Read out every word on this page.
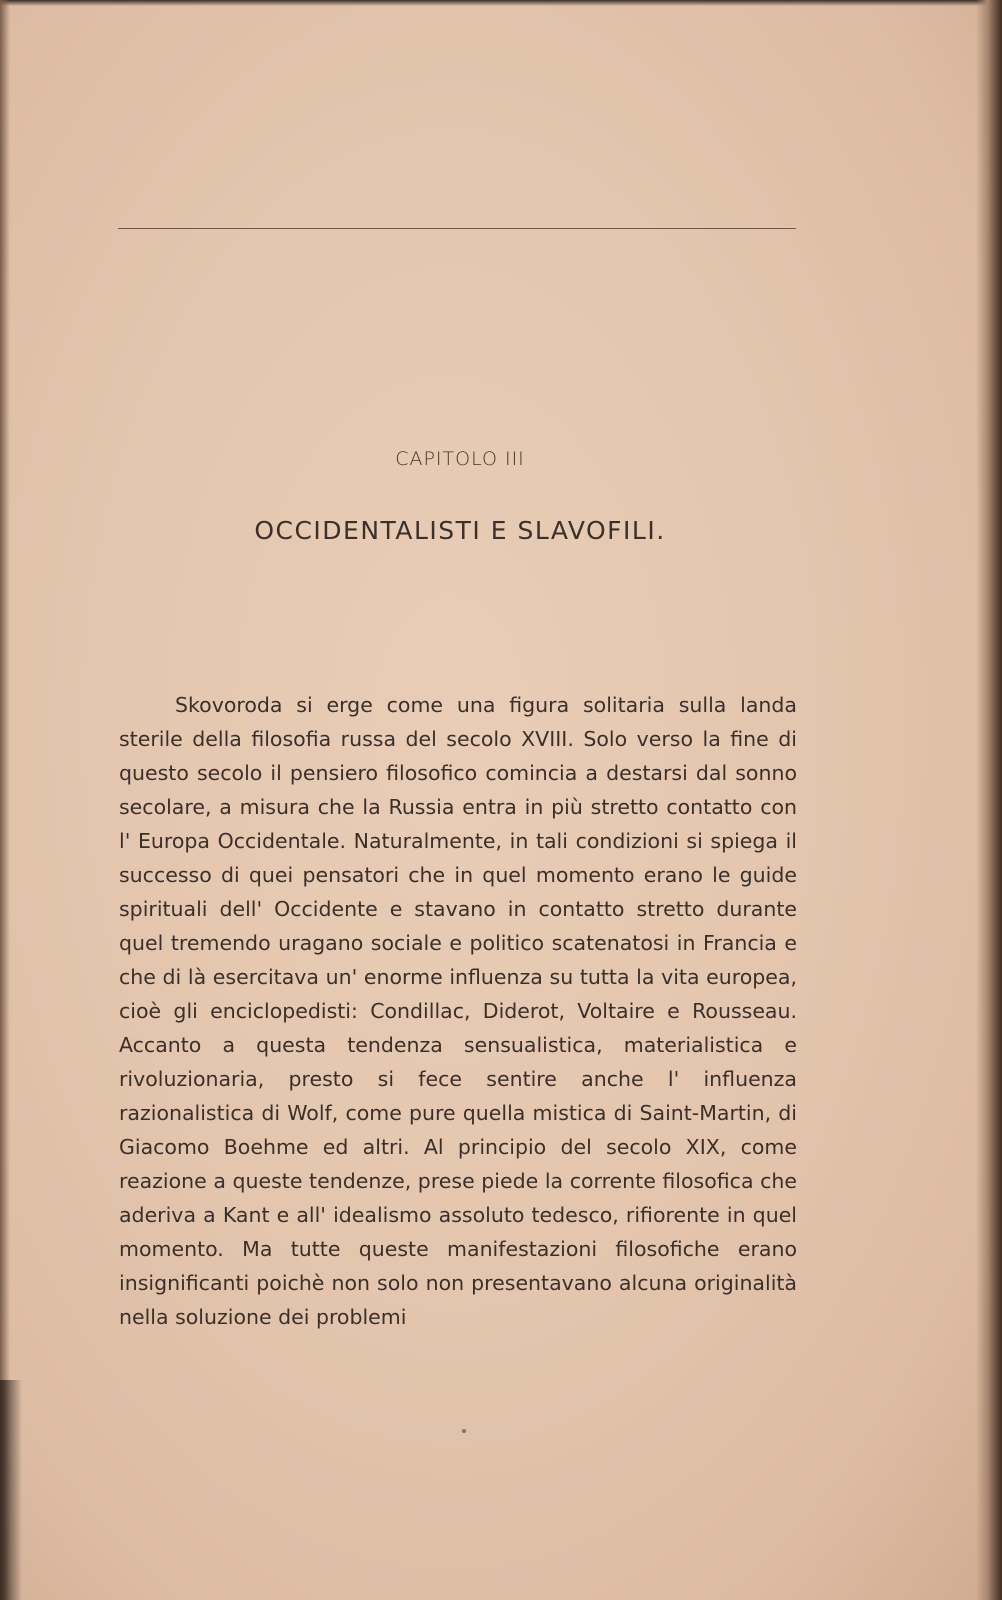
CAPITOLO III
OCCIDENTALISTI E SLAVOFILI.

Skovoroda si erge come una figura solitaria sulla landa sterile della filosofia russa del secolo XVIII. Solo verso la fine di questo secolo il pensiero filosofico comincia a destarsi dal sonno secolare, a misura che la Russia entra in più stretto contatto con l' Europa Occidentale. Naturalmente, in tali condizioni si spiega il successo di quei pensatori che in quel momento erano le guide spirituali dell' Occidente e stavano in contatto stretto durante quel tremendo uragano sociale e politico scatenatosi in Francia e che di là esercitava un' enorme influenza su tutta la vita europea, cioè gli enciclopedisti: Condillac, Diderot, Voltaire e Rousseau. Accanto a questa tendenza sensualistica, materialistica e rivoluzionaria, presto si fece sentire anche l' influenza razionalistica di Wolf, come pure quella mistica di Saint-Martin, di Giacomo Boehme ed altri. Al principio del secolo XIX, come reazione a queste tendenze, prese piede la corrente filosofica che aderiva a Kant e all' idealismo assoluto tedesco, rifiorente in quel momento. Ma tutte queste manifestazioni filosofiche erano insignificanti poichè non solo non presentavano alcuna originalità nella soluzione dei problemi
